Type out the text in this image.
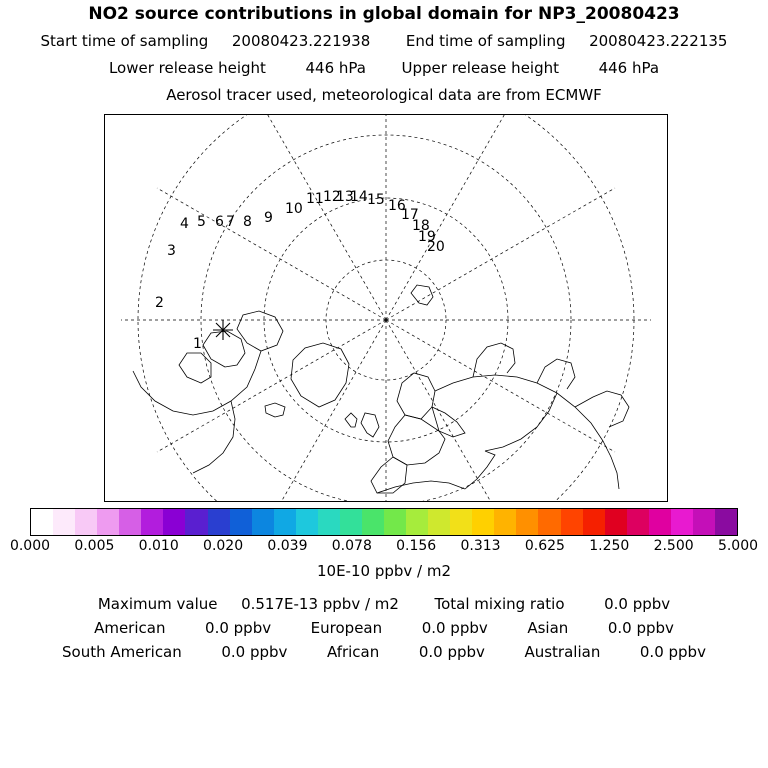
NO2 source contributions in global domain for NP3_20080423
Start time of sampling 20080423.221938 End time of sampling 20080423.222135
Lower release height	446 hPa Upper release height	446 hPa
Aerosol tracer used, meteorological data are from ECMWF
1
2
3
4 5 6 7 8 9
10
11 12
13
14 15 16
17
18
19
20
0.000 0.005 0.010 0.020 0.039 0.078 0.156 0.313 0.625 1.250 2.500 5.000
10E-10 ppbv / m2
Maximum value 0.517E-13 ppbv / m2 Total mixing ratio	0.0 ppbv
American	0.0 ppbv	European	0.0 ppbv	Asian	0.0 ppbv
South American	0.0 ppbv	African	0.0 ppbv	Australian	0.0 ppbv
